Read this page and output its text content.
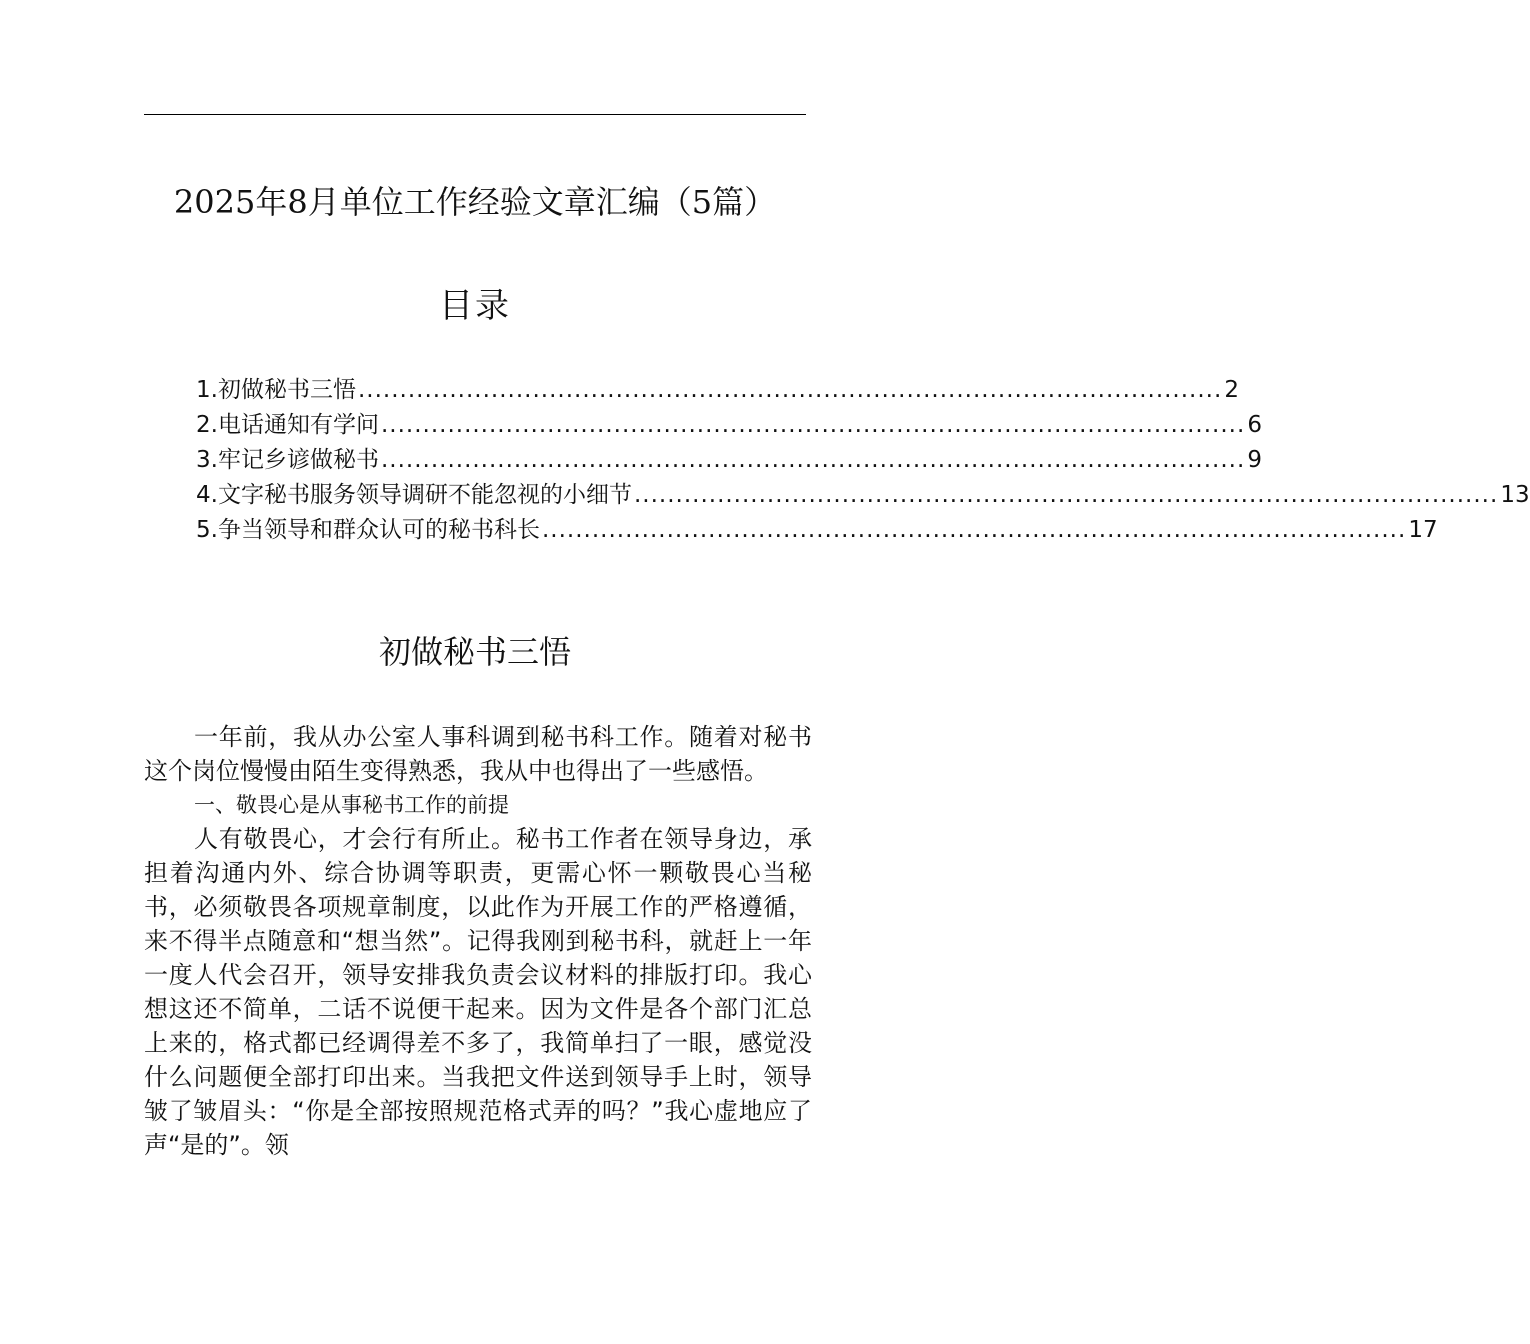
2025年8月单位工作经验文章汇编（5篇）
目录
1.初做秘书三悟 ........................................................................................................ 2
2.电话通知有学问 ........................................................................................................ 6
3.牢记乡谚做秘书 ........................................................................................................ 9
4.文字秘书服务领导调研不能忽视的小细节 ........................................................................................................ 13
5.争当领导和群众认可的秘书科长 ........................................................................................................ 17
初做秘书三悟

一年前，我从办公室人事科调到秘书科工作。随着对秘书这个岗位慢慢由陌生变得熟悉，我从中也得出了一些感悟。

一、敬畏心是从事秘书工作的前提

人有敬畏心，才会行有所止。秘书工作者在领导身边，承担着沟通内外、综合协调等职责，更需心怀一颗敬畏心当秘书，必须敬畏各项规章制度，以此作为开展工作的严格遵循，来不得半点随意和“想当然”。记得我刚到秘书科，就赶上一年一度人代会召开，领导安排我负责会议材料的排版打印。我心想这还不简单，二话不说便干起来。因为文件是各个部门汇总上来的，格式都已经调得差不多了，我简单扫了一眼，感觉没什么问题便全部打印出来。当我把文件送到领导手上时，领导皱了皱眉头：“你是全部按照规范格式弄的吗？”我心虚地应了声“是的”。领
